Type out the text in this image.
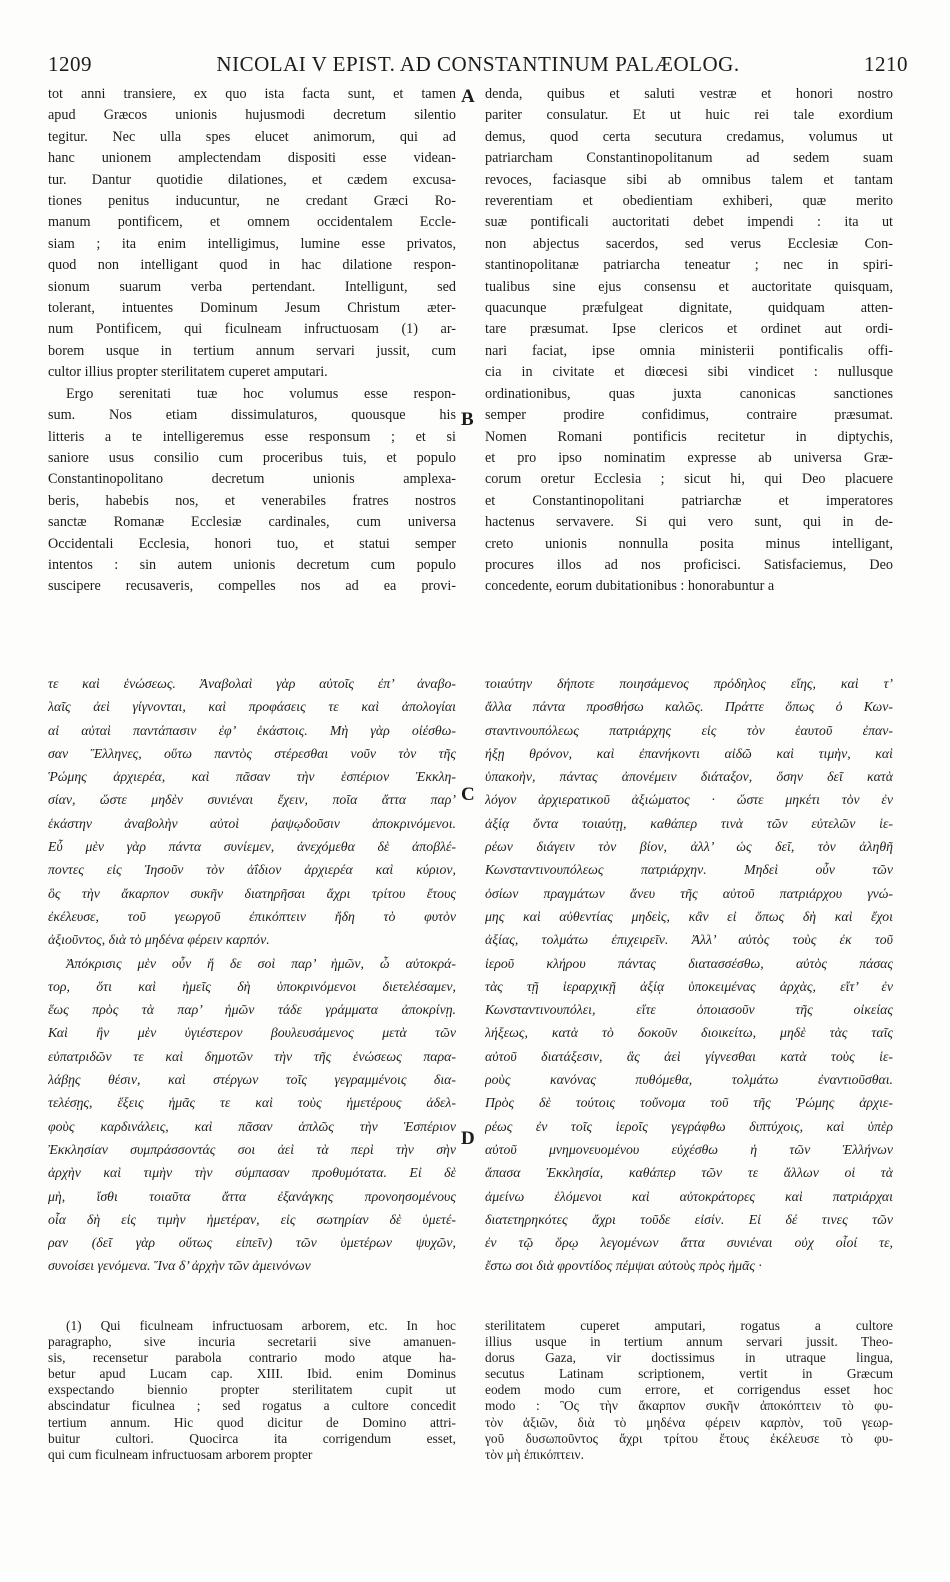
1209	NICOLAI V EPIST. AD CONSTANTINUM PALÆOLOG.	1210
tot anni transiere, ex quo ista facta sunt, et tamen
apud Græcos unionis hujusmodi decretum silentio
tegitur. Nec ulla spes elucet animorum, qui ad
hanc unionem amplectendam dispositi esse videan-
tur. Dantur quotidie dilationes, et cædem excusa-
tiones penitus inducuntur, ne credant Græci Ro-
manum pontificem, et omnem occidentalem Eccle-
siam ; ita enim intelligimus, lumine esse privatos,
quod non intelligant quod in hac dilatione respon-
sionum suarum verba pertendant. Intelligunt, sed
tolerant, intuentes Dominum Jesum Christum æter-
num Pontificem, qui ficulneam infructuosam (1) ar-
borem usque in tertium annum servari jussit, cum
cultor illius propter sterilitatem cuperet amputari.
Ergo serenitati tuæ hoc volumus esse respon-
sum. Nos etiam dissimulaturos, quousque his
litteris a te intelligeremus esse responsum ; et si
saniore usus consilio cum proceribus tuis, et populo
Constantinopolitano decretum unionis amplexa-
beris, habebis nos, et venerabiles fratres nostros
sanctæ Romanæ Ecclesiæ cardinales, cum universa
Occidentali Ecclesia, honori tuo, et statui semper
intentos : sin autem unionis decretum cum populo
suscipere recusaveris, compelles nos ad ea provi-
denda, quibus et saluti vestræ et honori nostro
pariter consulatur. Et ut huic rei tale exordium
demus, quod certa secutura credamus, volumus ut
patriarcham Constantinopolitanum ad sedem suam
revoces, faciasque sibi ab omnibus talem et tantam
reverentiam et obedientiam exhiberi, quæ merito
suæ pontificali auctoritati debet impendi : ita ut
non abjectus sacerdos, sed verus Ecclesiæ Con-
stantinopolitanæ patriarcha teneatur ; nec in spiri-
tualibus sine ejus consensu et auctoritate quisquam,
quacunque præfulgeat dignitate, quidquam atten-
tare præsumat. Ipse clericos et ordinet aut ordi-
nari faciat, ipse omnia ministerii pontificalis offi-
cia in civitate et diœcesi sibi vindicet : nullusque
ordinationibus, quas juxta canonicas sanctiones
semper prodire confidimus, contraire præsumat.
Nomen Romani pontificis recitetur in diptychis,
et pro ipso nominatim expresse ab universa Græ-
corum oretur Ecclesia ; sicut hi, qui Deo placuere
et Constantinopolitani patriarchæ et imperatores
hactenus servavere. Si qui vero sunt, qui in de-
creto unionis nonnulla posita minus intelligant,
procures illos ad nos proficisci. Satisfaciemus, Deo
concedente, eorum dubitationibus : honorabuntur a
τε καὶ ἑνώσεως. Ἀναβολαὶ γὰρ αὐτοῖς ἐπ’ ἀναβο-
λαῖς ἀεὶ γίγνονται, καὶ προφάσεις τε καὶ ἀπολογίαι
αἱ αὐταὶ παντάπασιν ἐφ’ ἑκάστοις. Μὴ γὰρ οἰέσθω-
σαν Ἕλληνες, οὕτω παντὸς στέρεσθαι νοῦν τὸν τῆς
Ῥώμης ἀρχιερέα, καὶ πᾶσαν τὴν ἑσπέριον Ἐκκλη-
σίαν, ὥστε μηδὲν συνιέναι ἔχειν, ποῖα ἄττα παρ’
ἑκάστην ἀναβολὴν αὐτοὶ ῥαψῳδοῦσιν ἀποκρινόμενοι.
Εὖ μὲν γὰρ πάντα συνίεμεν, ἀνεχόμεθα δὲ ἀποβλέ-
ποντες εἰς Ἰησοῦν τὸν ἀΐδιον ἀρχιερέα καὶ κύριον,
ὃς τὴν ἄκαρπον συκῆν διατηρῆσαι ἄχρι τρίτου ἔτους
ἐκέλευσε, τοῦ γεωργοῦ ἐπικόπτειν ἤδη τὸ φυτὸν
ἀξιοῦντος, διὰ τὸ μηδένα φέρειν καρπόν.
Ἀπόκρισις μὲν οὖν ἥ δε σοὶ παρ’ ἡμῶν, ὦ αὐτοκρά-
τορ, ὅτι καὶ ἡμεῖς δὴ ὑποκρινόμενοι διετελέσαμεν,
ἕως πρὸς τὰ παρ’ ἡμῶν τάδε γράμματα ἀποκρίνῃ.
Καὶ ἢν μὲν ὑγιέστερον βουλευσάμενος μετὰ τῶν
εὐπατριδῶν τε καὶ δημοτῶν τὴν τῆς ἑνώσεως παρα-
λάβῃς θέσιν, καὶ στέργων τοῖς γεγραμμένοις δια-
τελέσῃς, ἕξεις ἡμᾶς τε καὶ τοὺς ἡμετέρους ἀδελ-
φοὺς καρδινάλεις, καὶ πᾶσαν ἁπλῶς τὴν Ἑσπέριον
Ἐκκλησίαν συμπράσσοντάς σοι ἀεὶ τὰ περὶ τὴν σὴν
ἀρχὴν καὶ τιμὴν τὴν σύμπασαν προθυμότατα. Εἰ δὲ
μὴ, ἴσθι τοιαῦτα ἄττα ἐξανάγκης προνοησομένους
οἷα δὴ εἰς τιμὴν ἡμετέραν, εἰς σωτηρίαν δὲ ὑμετέ-
ραν (δεῖ γὰρ οὕτως εἰπεῖν) τῶν ὑμετέρων ψυχῶν,
συνοίσει γενόμενα. Ἵνα δ’ ἀρχὴν τῶν ἀμεινόνων
τοιαύτην δήποτε ποιησάμενος πρόδηλος εἴης, καὶ τ’
ἄλλα πάντα προσθήσω καλῶς. Πράττε ὅπως ὁ Κων-
σταντινουπόλεως πατριάρχης εἰς τὸν ἑαυτοῦ ἐπαν-
ήξῃ θρόνον, καὶ ἐπανήκοντι αἰδῶ καὶ τιμὴν, καὶ
ὑπακοὴν, πάντας ἀπονέμειν διάταξον, ὅσην δεῖ κατὰ
λόγον ἀρχιερατικοῦ ἀξιώματος · ὥστε μηκέτι τὸν ἐν
ἀξίᾳ ὄντα τοιαύτῃ, καθάπερ τινὰ τῶν εὐτελῶν ἱε-
ρέων διάγειν τὸν βίον, ἀλλ’ ὡς δεῖ, τὸν ἀληθῆ
Κωνσταντινουπόλεως πατριάρχην. Μηδεὶ οὖν τῶν
ὁσίων πραγμάτων ἄνευ τῆς αὐτοῦ πατριάρχου γνώ-
μης καὶ αὐθεντίας μηδεὶς, κἂν εἰ ὅπως δὴ καὶ ἔχοι
ἀξίας, τολμάτω ἐπιχειρεῖν. Ἀλλ’ αὐτὸς τοὺς ἐκ τοῦ
ἱεροῦ κλήρου πάντας διατασσέσθω, αὐτὸς πάσας
τὰς τῇ ἱεραρχικῇ ἀξίᾳ ὑποκειμένας ἀρχὰς, εἴτ’ ἐν
Κωνσταντινουπόλει, εἴτε ὁποιασοῦν τῆς οἰκείας
λήξεως, κατὰ τὸ δοκοῦν διοικείτω, μηδὲ τὰς ταῖς
αὐτοῦ διατάξεσιν, ἃς ἀεὶ γίγνεσθαι κατὰ τοὺς ἱε-
ροὺς κανόνας πυθόμεθα, τολμάτω ἐναντιοῦσθαι.
Πρὸς δὲ τούτοις τοὔνομα τοῦ τῆς Ῥώμης ἀρχιε-
ρέως ἐν τοῖς ἱεροῖς γεγράφθω διπτύχοις, καὶ ὑπὲρ
αὐτοῦ μνημονευομένου εὐχέσθω ἡ τῶν Ἑλλήνων
ἅπασα Ἐκκλησία, καθάπερ τῶν τε ἄλλων οἱ τὰ
ἀμείνω ἑλόμενοι καὶ αὐτοκράτορες καὶ πατριάρχαι
διατετηρηκότες ἄχρι τοῦδε εἰσίν. Εἰ δέ τινες τῶν
ἐν τῷ ὅρῳ λεγομένων ἄττα συνιέναι οὐχ οἷοί τε,
ἔστω σοι διὰ φροντίδος πέμψαι αὐτοὺς πρὸς ἡμᾶς ·
(1) Qui ficulneam infructuosam arborem, etc. In hoc
paragrapho, sive incuria secretarii sive amanuen-
sis, recensetur parabola contrario modo atque ha-
betur apud Lucam cap. XIII. Ibid. enim Dominus
exspectando biennio propter sterilitatem cupit ut
abscindatur ficulnea ; sed rogatus a cultore concedit
tertium annum. Hic quod dicitur de Domino attri-
buitur cultori. Quocirca ita corrigendum esset,
qui cum ficulneam infructuosam arborem propter
sterilitatem cuperet amputari, rogatus a cultore
illius usque in tertium annum servari jussit. Theo-
dorus Gaza, vir doctissimus in utraque lingua,
secutus Latinam scriptionem, vertit in Græcum
eodem modo cum errore, et corrigendus esset hoc
modo : Ὃς τὴν ἄκαρπον συκῆν ἀποκόπτειν τὸ φυ-
τὸν ἀξιῶν, διὰ τὸ μηδένα φέρειν καρπὸν, τοῦ γεωρ-
γοῦ δυσωποῦντος ἄχρι τρίτου ἔτους ἐκέλευσε τὸ φυ-
τὸν μὴ ἐπικόπτειν.
A
B
C
D
